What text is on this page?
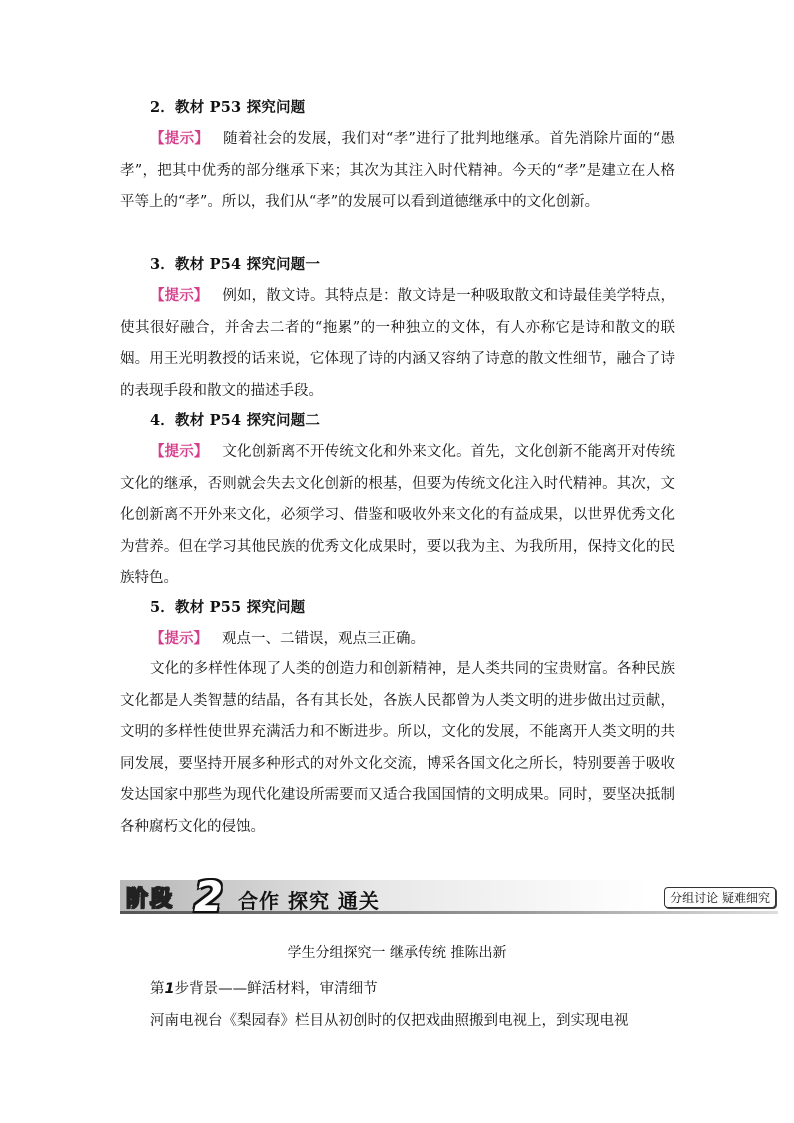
2．教材 P53 探究问题
【提示】 随着社会的发展，我们对“孝”进行了批判地继承。首先消除片面的“愚孝”，把其中优秀的部分继承下来；其次为其注入时代精神。今天的“孝”是建立在人格平等上的“孝”。所以，我们从“孝”的发展可以看到道德继承中的文化创新。
3．教材 P54 探究问题一
【提示】 例如，散文诗。其特点是：散文诗是一种吸取散文和诗最佳美学特点，使其很好融合，并舍去二者的“拖累”的一种独立的文体，有人亦称它是诗和散文的联姻。用王光明教授的话来说，它体现了诗的内涵又容纳了诗意的散文性细节，融合了诗的表现手段和散文的描述手段。
4．教材 P54 探究问题二
【提示】 文化创新离不开传统文化和外来文化。首先，文化创新不能离开对传统文化的继承，否则就会失去文化创新的根基，但要为传统文化注入时代精神。其次，文化创新离不开外来文化，必须学习、借鉴和吸收外来文化的有益成果，以世界优秀文化为营养。但在学习其他民族的优秀文化成果时，要以我为主、为我所用，保持文化的民族特色。
5．教材 P55 探究问题
【提示】 观点一、二错误，观点三正确。
文化的多样性体现了人类的创造力和创新精神，是人类共同的宝贵财富。各种民族文化都是人类智慧的结晶，各有其长处，各族人民都曾为人类文明的进步做出过贡献，文明的多样性使世界充满活力和不断进步。所以，文化的发展，不能离开人类文明的共同发展，要坚持开展多种形式的对外文化交流，博采各国文化之所长，特别要善于吸收发达国家中那些为现代化建设所需要而又适合我国国情的文明成果。同时，要坚决抵制各种腐朽文化的侵蚀。
阶段 2 合作 探究 通关	分组讨论 疑难细究
学生分组探究一 继承传统 推陈出新
第1步背景——鲜活材料，审清细节
河南电视台《梨园春》栏目从初创时的仅把戏曲照搬到电视上，到实现电视
